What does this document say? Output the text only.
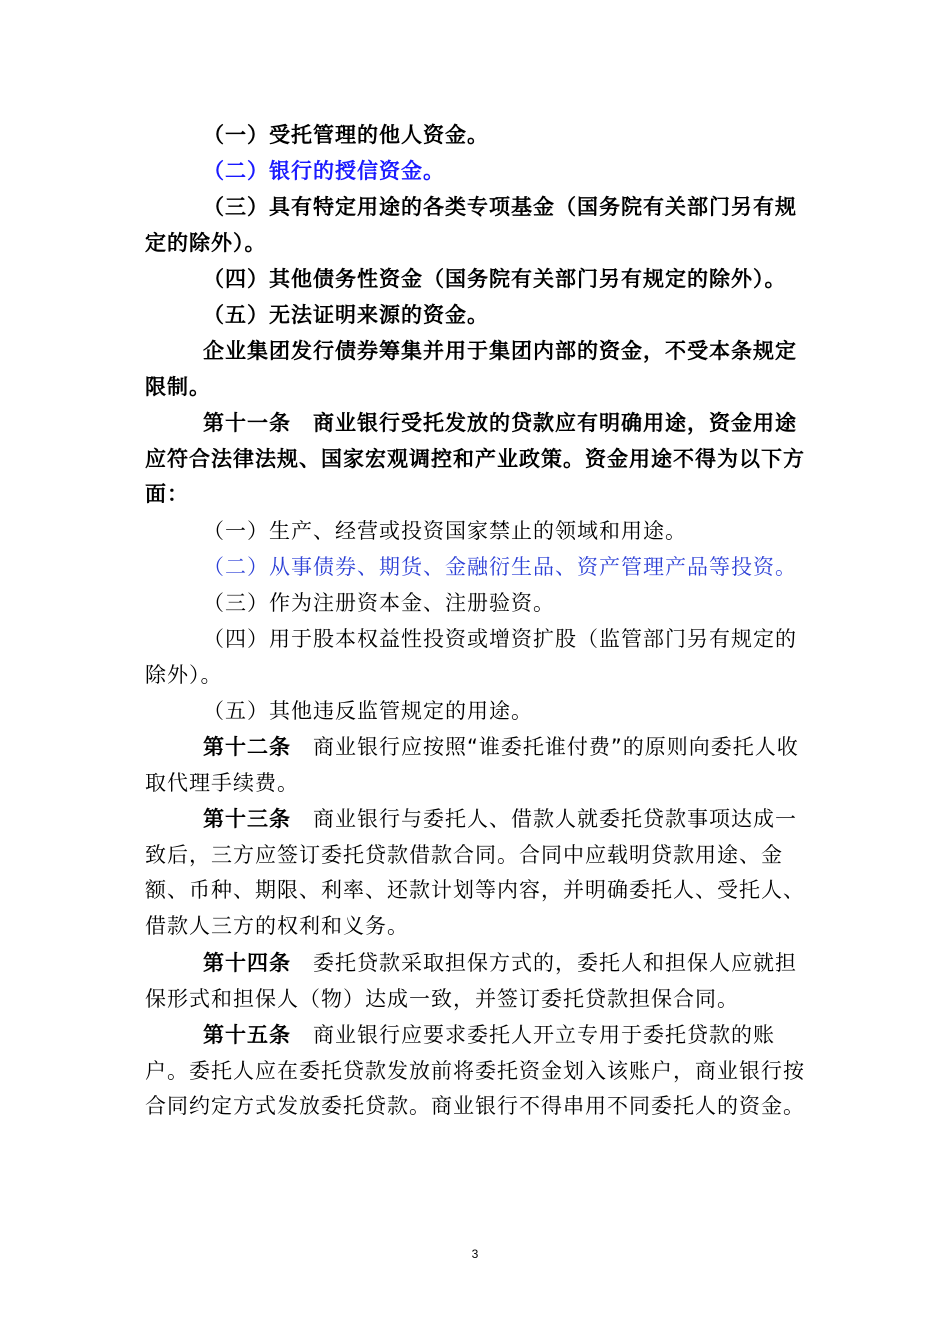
（一）受托管理的他人资金。

（二）银行的授信资金。

（三）具有特定用途的各类专项基金（国务院有关部门另有规定的除外）。

（四）其他债务性资金（国务院有关部门另有规定的除外）。

（五）无法证明来源的资金。

企业集团发行债券筹集并用于集团内部的资金，不受本条规定限制。

第十一条 商业银行受托发放的贷款应有明确用途，资金用途应符合法律法规、国家宏观调控和产业政策。资金用途不得为以下方面：

（一）生产、经营或投资国家禁止的领域和用途。

（二）从事债券、期货、金融衍生品、资产管理产品等投资。

（三）作为注册资本金、注册验资。

（四）用于股本权益性投资或增资扩股（监管部门另有规定的除外）。

（五）其他违反监管规定的用途。

第十二条 商业银行应按照“谁委托谁付费”的原则向委托人收取代理手续费。

第十三条 商业银行与委托人、借款人就委托贷款事项达成一致后，三方应签订委托贷款借款合同。合同中应载明贷款用途、金额、币种、期限、利率、还款计划等内容，并明确委托人、受托人、借款人三方的权利和义务。

第十四条 委托贷款采取担保方式的，委托人和担保人应就担保形式和担保人（物）达成一致，并签订委托贷款担保合同。

第十五条 商业银行应要求委托人开立专用于委托贷款的账户。委托人应在委托贷款发放前将委托资金划入该账户，商业银行按合同约定方式发放委托贷款。商业银行不得串用不同委托人的资金。

3
